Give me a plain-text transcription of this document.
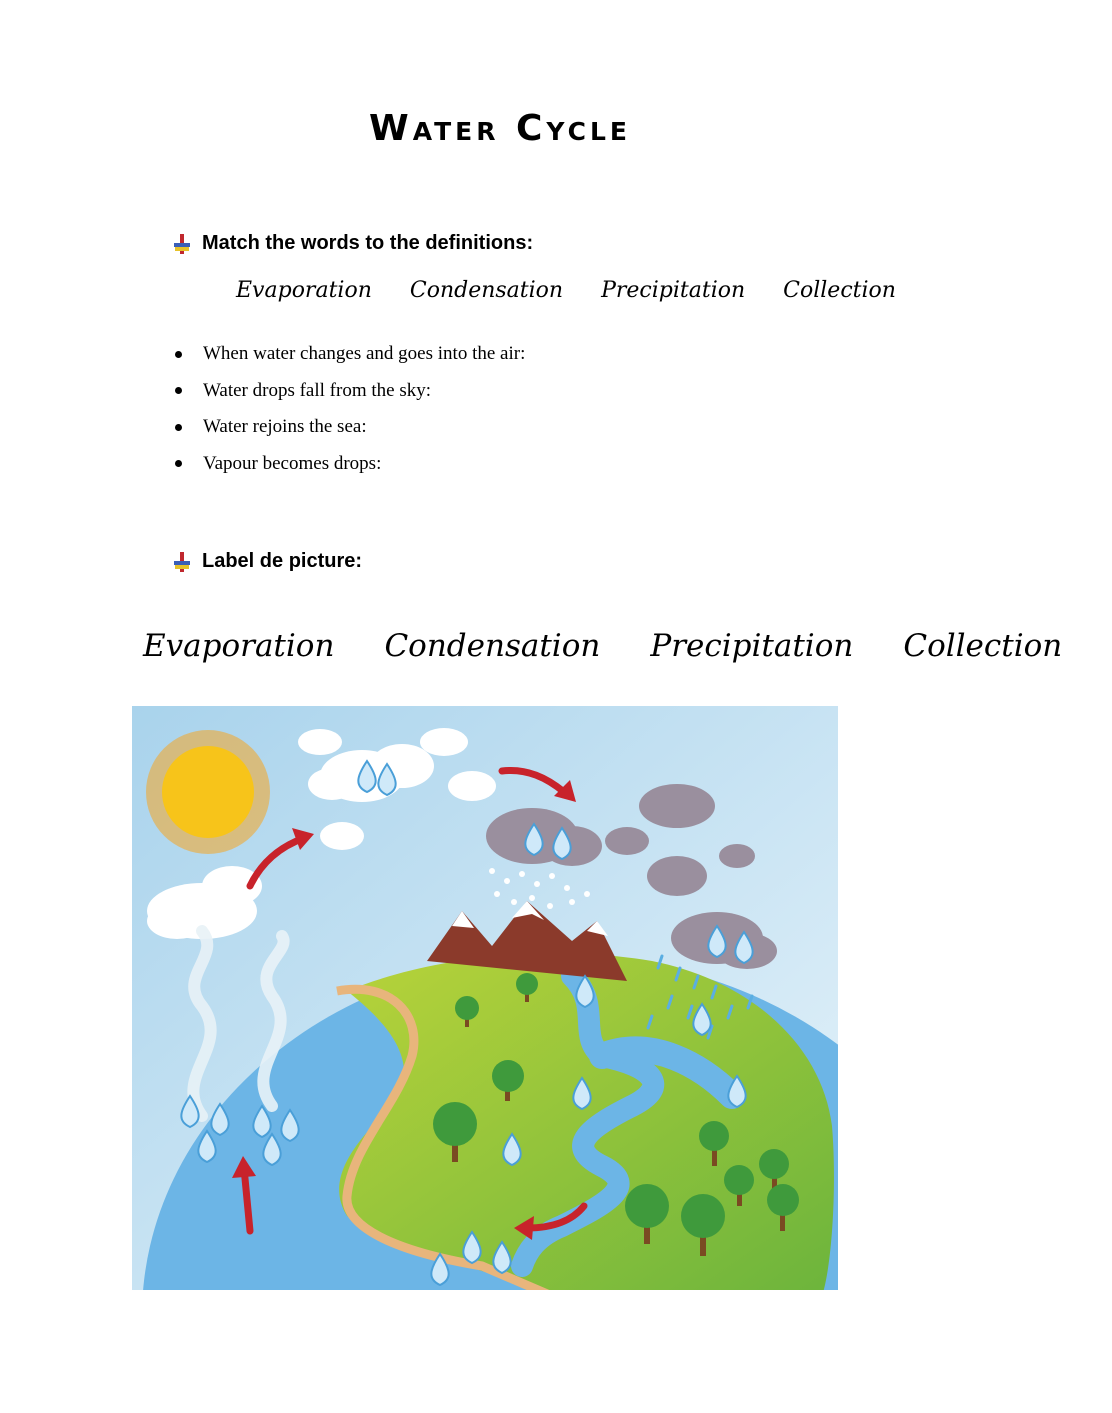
Water Cycle
Match the words to the definitions:
Evaporation Condensation Precipitation Collection
When water changes and goes into the air:
Water drops fall from the sky:
Water rejoins the sea:
Vapour becomes drops:
Label de picture:
Evaporation Condensation Precipitation Collection
